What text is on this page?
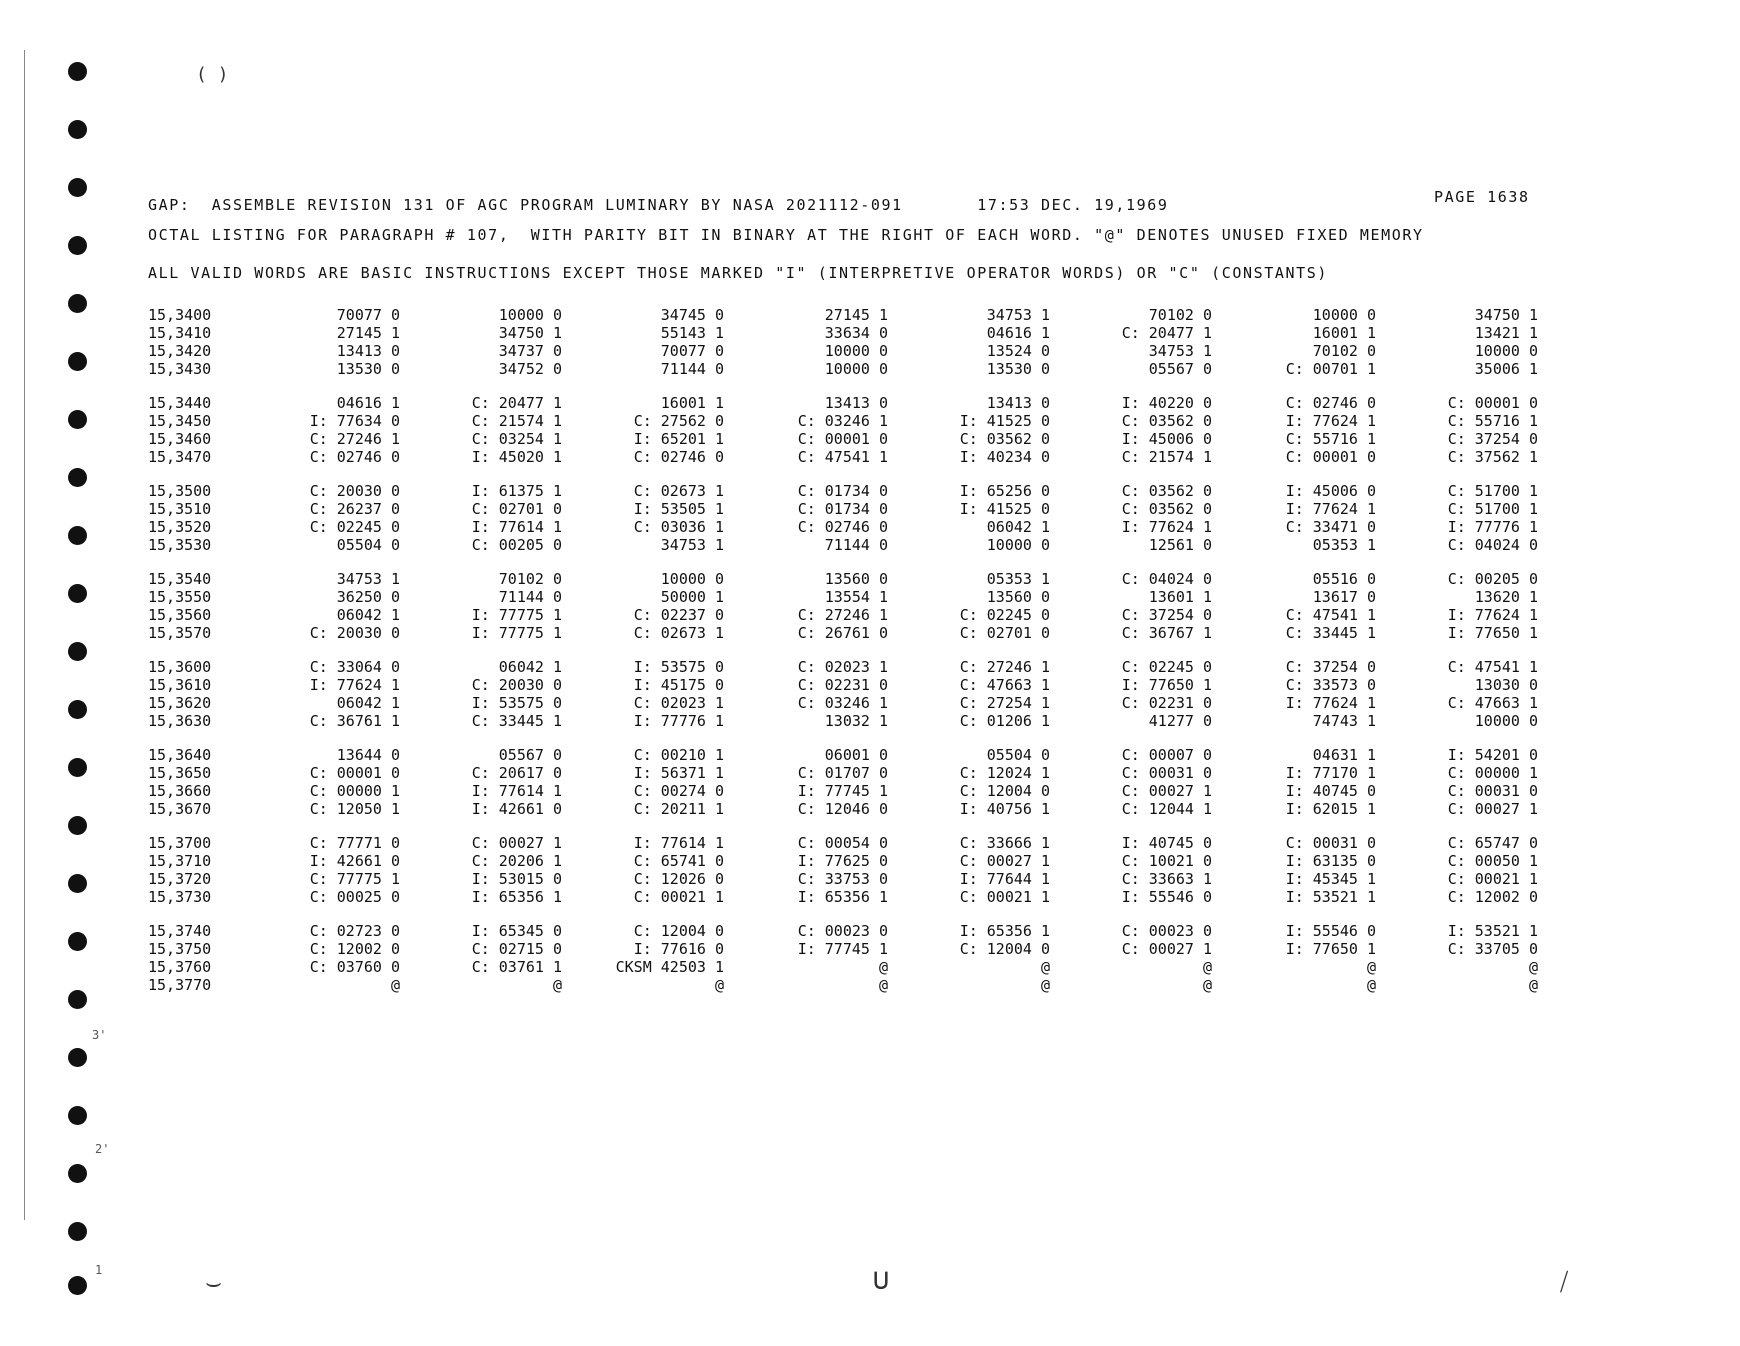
( )
3'
2'
1
GAP:  ASSEMBLE REVISION 131 OF AGC PROGRAM LUMINARY BY NASA 2021112-091       17:53 DEC. 19,1969	PAGE 1638
OCTAL LISTING FOR PARAGRAPH # 107,  WITH PARITY BIT IN BINARY AT THE RIGHT OF EACH WORD. "@" DENOTES UNUSED FIXED MEMORY
ALL VALID WORDS ARE BASIC INSTRUCTIONS EXCEPT THOSE MARKED "I" (INTERPRETIVE OPERATOR WORDS) OR "C" (CONSTANTS)
15,3400	70077 0	10000 0	34745 0	27145 1	34753 1	70102 0	10000 0	34750 1
15,3410	27145 1	34750 1	55143 1	33634 0	04616 1	C: 20477 1	16001 1	13421 1
15,3420	13413 0	34737 0	70077 0	10000 0	13524 0	34753 1	70102 0	10000 0
15,3430	13530 0	34752 0	71144 0	10000 0	13530 0	05567 0	C: 00701 1	35006 1
15,3440	04616 1	C: 20477 1	16001 1	13413 0	13413 0	I: 40220 0	C: 02746 0	C: 00001 0
15,3450	I: 77634 0	C: 21574 1	C: 27562 0	C: 03246 1	I: 41525 0	C: 03562 0	I: 77624 1	C: 55716 1
15,3460	C: 27246 1	C: 03254 1	I: 65201 1	C: 00001 0	C: 03562 0	I: 45006 0	C: 55716 1	C: 37254 0
15,3470	C: 02746 0	I: 45020 1	C: 02746 0	C: 47541 1	I: 40234 0	C: 21574 1	C: 00001 0	C: 37562 1
15,3500	C: 20030 0	I: 61375 1	C: 02673 1	C: 01734 0	I: 65256 0	C: 03562 0	I: 45006 0	C: 51700 1
15,3510	C: 26237 0	C: 02701 0	I: 53505 1	C: 01734 0	I: 41525 0	C: 03562 0	I: 77624 1	C: 51700 1
15,3520	C: 02245 0	I: 77614 1	C: 03036 1	C: 02746 0	06042 1	I: 77624 1	C: 33471 0	I: 77776 1
15,3530	05504 0	C: 00205 0	34753 1	71144 0	10000 0	12561 0	05353 1	C: 04024 0
15,3540	34753 1	70102 0	10000 0	13560 0	05353 1	C: 04024 0	05516 0	C: 00205 0
15,3550	36250 0	71144 0	50000 1	13554 1	13560 0	13601 1	13617 0	13620 1
15,3560	06042 1	I: 77775 1	C: 02237 0	C: 27246 1	C: 02245 0	C: 37254 0	C: 47541 1	I: 77624 1
15,3570	C: 20030 0	I: 77775 1	C: 02673 1	C: 26761 0	C: 02701 0	C: 36767 1	C: 33445 1	I: 77650 1
15,3600	C: 33064 0	06042 1	I: 53575 0	C: 02023 1	C: 27246 1	C: 02245 0	C: 37254 0	C: 47541 1
15,3610	I: 77624 1	C: 20030 0	I: 45175 0	C: 02231 0	C: 47663 1	I: 77650 1	C: 33573 0	13030 0
15,3620	06042 1	I: 53575 0	C: 02023 1	C: 03246 1	C: 27254 1	C: 02231 0	I: 77624 1	C: 47663 1
15,3630	C: 36761 1	C: 33445 1	I: 77776 1	13032 1	C: 01206 1	41277 0	74743 1	10000 0
15,3640	13644 0	05567 0	C: 00210 1	06001 0	05504 0	C: 00007 0	04631 1	I: 54201 0
15,3650	C: 00001 0	C: 20617 0	I: 56371 1	C: 01707 0	C: 12024 1	C: 00031 0	I: 77170 1	C: 00000 1
15,3660	C: 00000 1	I: 77614 1	C: 00274 0	I: 77745 1	C: 12004 0	C: 00027 1	I: 40745 0	C: 00031 0
15,3670	C: 12050 1	I: 42661 0	C: 20211 1	C: 12046 0	I: 40756 1	C: 12044 1	I: 62015 1	C: 00027 1
15,3700	C: 77771 0	C: 00027 1	I: 77614 1	C: 00054 0	C: 33666 1	I: 40745 0	C: 00031 0	C: 65747 0
15,3710	I: 42661 0	C: 20206 1	C: 65741 0	I: 77625 0	C: 00027 1	C: 10021 0	I: 63135 0	C: 00050 1
15,3720	C: 77775 1	I: 53015 0	C: 12026 0	C: 33753 0	I: 77644 1	C: 33663 1	I: 45345 1	C: 00021 1
15,3730	C: 00025 0	I: 65356 1	C: 00021 1	I: 65356 1	C: 00021 1	I: 55546 0	I: 53521 1	C: 12002 0
15,3740	C: 02723 0	I: 65345 0	C: 12004 0	C: 00023 0	I: 65356 1	C: 00023 0	I: 55546 0	I: 53521 1
15,3750	C: 12002 0	C: 02715 0	I: 77616 0	I: 77745 1	C: 12004 0	C: 00027 1	I: 77650 1	C: 33705 0
15,3760	C: 03760 0	C: 03761 1	CKSM 42503 1	@	@	@	@	@
15,3770	@	@	@	@	@	@	@	@
⌣	∪	⧸
